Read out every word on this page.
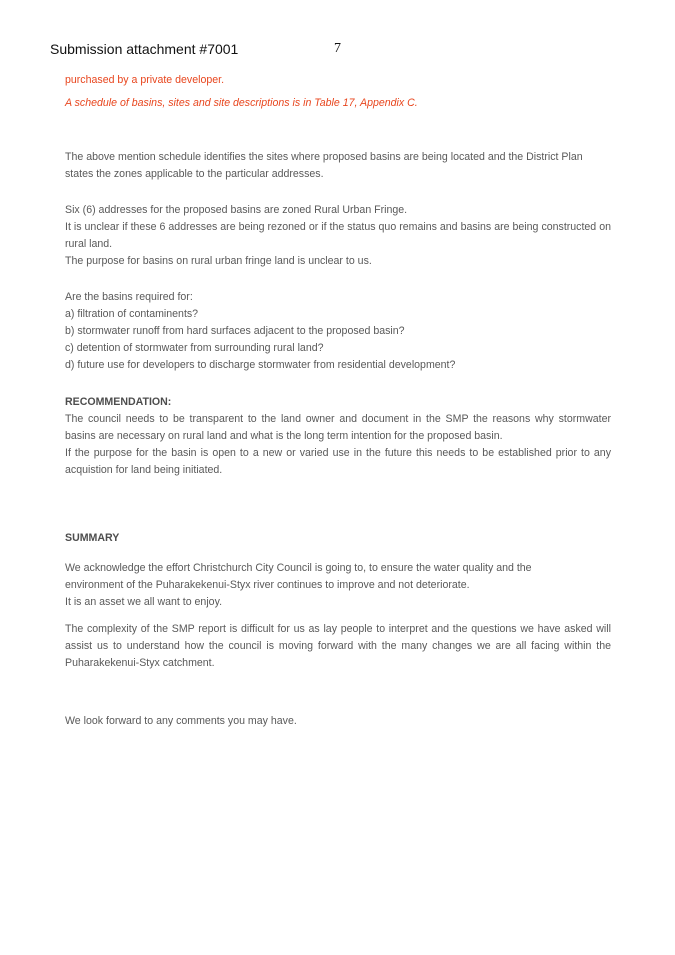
Submission attachment #7001	7
purchased by a private developer.
A schedule of basins, sites and site descriptions is in Table 17, Appendix C.

The above mention schedule identifies the sites where proposed basins are being located and the District Plan states the zones applicable to the particular addresses.

Six (6) addresses for the proposed basins are zoned Rural Urban Fringe.

It is unclear if these 6 addresses are being rezoned or if the status quo remains and basins are being constructed on rural land.

The purpose for basins on rural urban fringe land is unclear to us.

Are the basins required for:

a) filtration of contaminents?

b) stormwater runoff from hard surfaces adjacent to the proposed basin?

c) detention of stormwater from surrounding rural land?

d) future use for developers to discharge stormwater from residential development?

RECOMMENDATION:

The council needs to be transparent to the land owner and document in the SMP the reasons why stormwater basins are necessary on rural land and what is the long term intention for the proposed basin.

If the purpose for the basin is open to a new or varied use in the future this needs to be established prior to any acquistion for land being initiated.

SUMMARY

We acknowledge the effort Christchurch City Council is going to, to ensure the water quality and the

environment of the Puharakekenui-Styx river continues to improve and not deteriorate.

It is an asset we all want to enjoy.

The complexity of the SMP report is difficult for us as lay people to interpret and the questions we have asked will assist us to understand how the council is moving forward with the many changes we are all facing within the Puharakekenui-Styx catchment.

We look forward to any comments you may have.
